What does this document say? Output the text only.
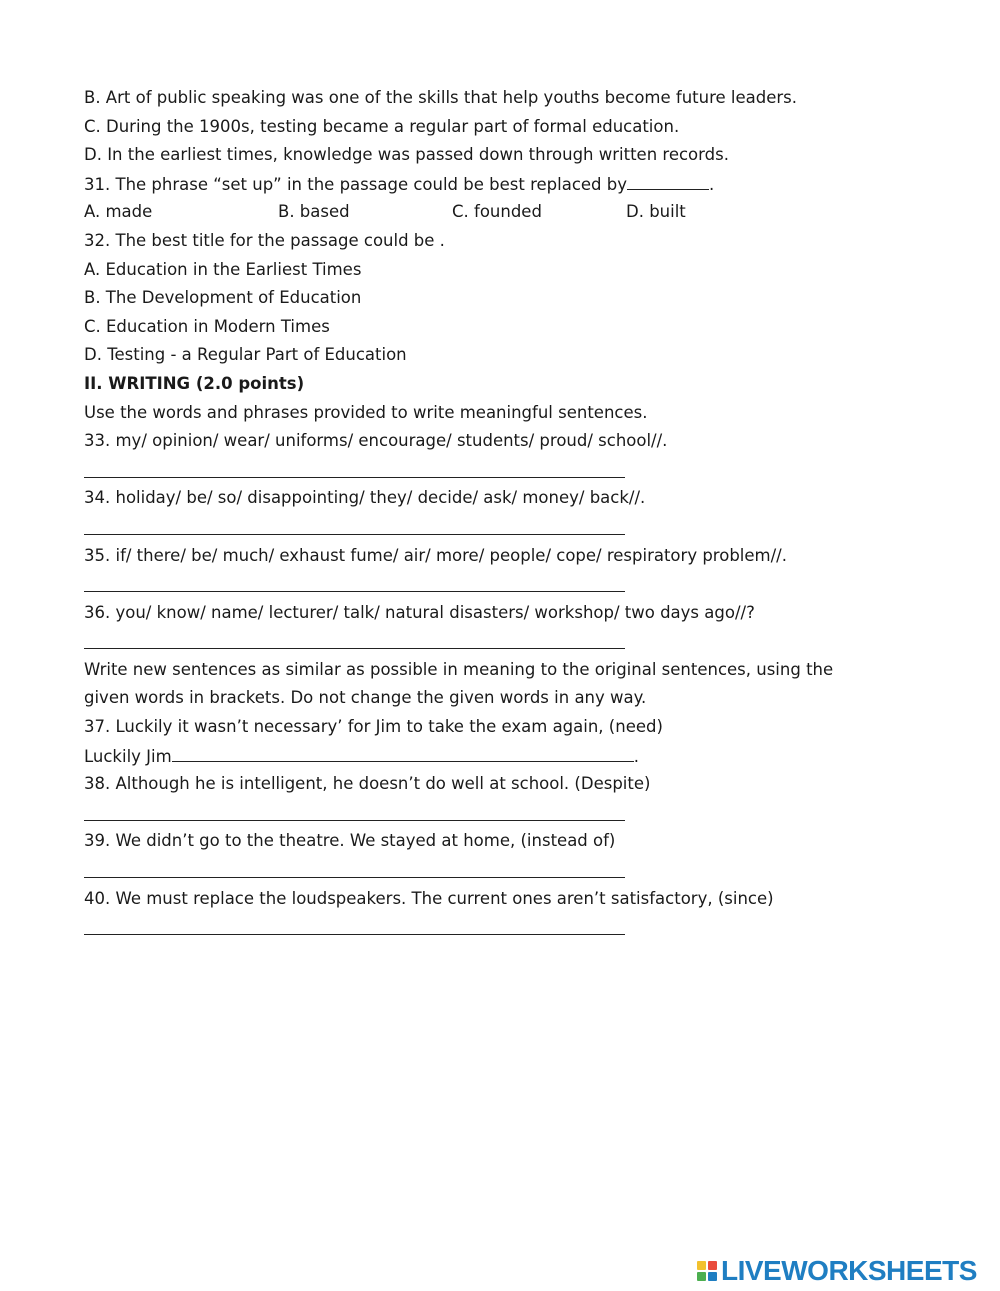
B. Art of public speaking was one of the skills that help youths become future leaders.
C. During the 1900s, testing became a regular part of formal education.
D. In the earliest times, knowledge was passed down through written records.
31. The phrase “set up” in the passage could be best replaced by	.
A. made	B. based	C. founded	D. built
32. The best title for the passage could be .
A. Education in the Earliest Times
B. The Development of Education
C. Education in Modern Times
D. Testing - a Regular Part of Education
II. WRITING (2.0 points)
Use the words and phrases provided to write meaningful sentences.
33. my/ opinion/ wear/ uniforms/ encourage/ students/ proud/ school//.
34. holiday/ be/ so/ disappointing/ they/ decide/ ask/ money/ back//.
35. if/ there/ be/ much/ exhaust fume/ air/ more/ people/ cope/ respiratory problem//.
36. you/ know/ name/ lecturer/ talk/ natural disasters/ workshop/ two days ago//?
Write new sentences as similar as possible in meaning to the original sentences, using the
given words in brackets. Do not change the given words in any way.
37. Luckily it wasn’t necessary’ for Jim to take the exam again, (need)
Luckily Jim	.
38. Although he is intelligent, he doesn’t do well at school. (Despite)
39. We didn’t go to the theatre. We stayed at home, (instead of)
40. We must replace the loudspeakers. The current ones aren’t satisfactory, (since)
LIVEWORKSHEETS
